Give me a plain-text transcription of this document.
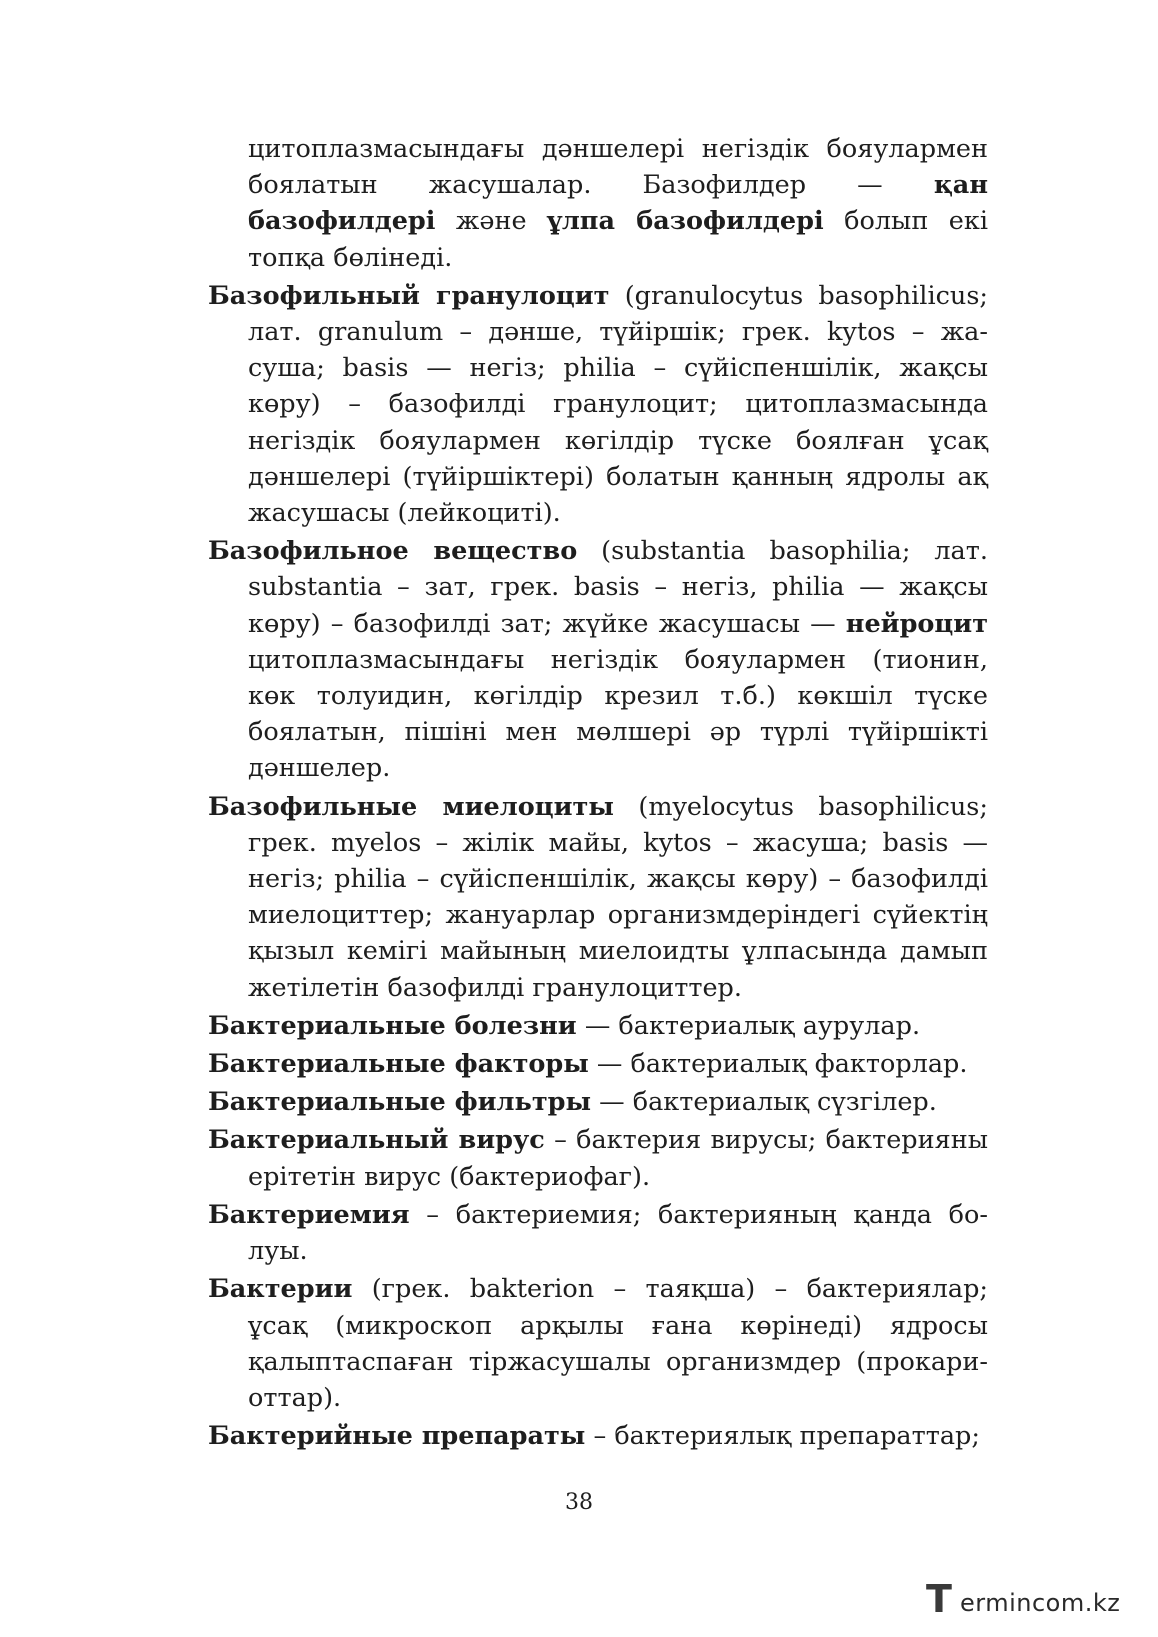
цитоплазмасындағы дәншелері негіздік бояулармен боялатын жасушалар. Базофилдер — қан базофилдері және ұлпа базофилдері болып екі топқа бөлінеді.

Базофильный гранулоцит (granulocytus basophilicus; лат. granulum – дәнше, түйіршік; грек. kytos – жасуша; basis — негіз; philia – сүйіспеншілік, жақсы көру) – базофилді гранулоцит; цитоплазмасында негіздік бояулармен көгілдір түске боялған ұсақ дәншелері (түйіршіктері) болатын қанның ядролы ақ жасушасы (лейкоциті).

Базофильное вещество (substantia basophilia; лат. substantia – зат, грек. basis – негіз, philia — жақсы көру) – базофилді зат; жүйке жасушасы — нейроцит цитоплазмасындағы негіздік бояулармен (тионин, көк толуидин, көгілдір крезил т.б.) көкшіл түске боялатын, пішіні мен мөлшері әр түрлі түйіршікті дәншелер.

Базофильные миелоциты (myelocytus basophilicus; грек. myelos – жілік майы, kytos – жасуша; basis — негіз; philia – сүйіспеншілік, жақсы көру) – базофилді миелоциттер; жануарлар организмдеріндегі сүйектің қызыл кемігі майының миелоидты ұлпасында дамып жетілетін базофилді гранулоциттер.

Бактериальные болезни — бактериалық аурулар.

Бактериальные факторы — бактериалық факторлар.

Бактериальные фильтры — бактериалық сүзгілер.

Бактериальный вирус – бактерия вирусы; бактерияны ерітетін вирус (бактериофаг).

Бактериемия – бактериемия; бактерияның қанда болуы.

Бактерии (грек. bakterion – таяқша) – бактериялар; ұсақ (микроскоп арқылы ғана көрінеді) ядросы қалыптаспаған тіржасушалы организмдер (прокариоттар).

Бактерийные препараты – бактериялық препараттар;

38
T ermincom.kz
